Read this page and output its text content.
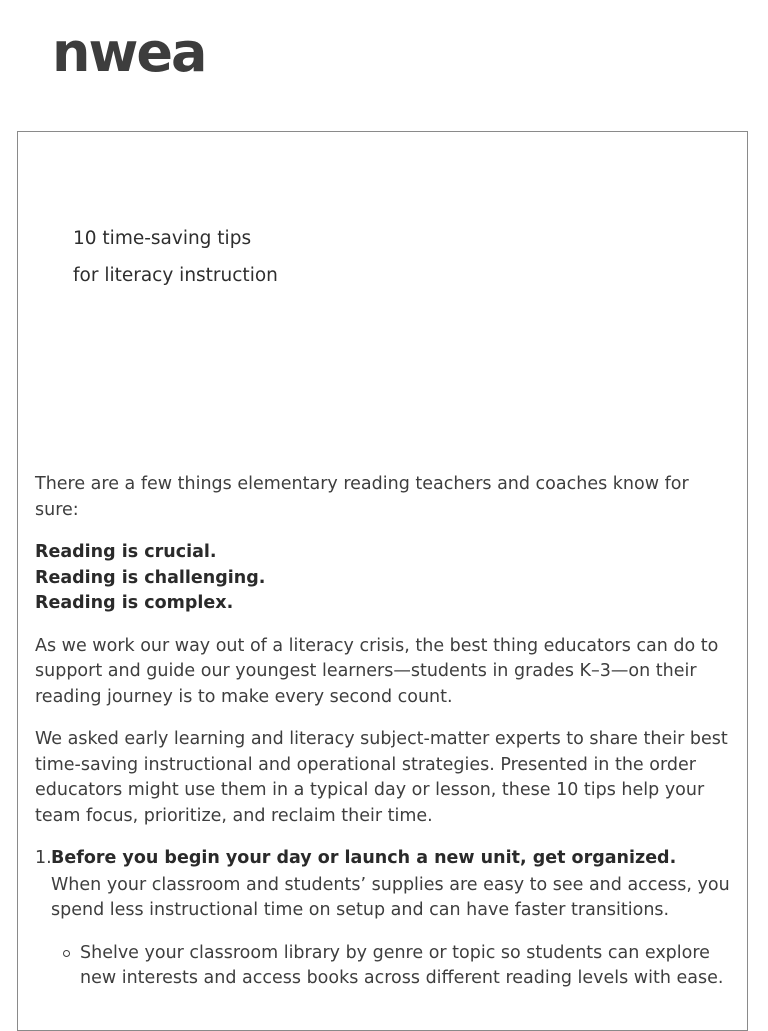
nwea
10 time-saving tips
for literacy instruction

There are a few things elementary reading teachers and coaches know for sure:

Reading is crucial.
Reading is challenging.
Reading is complex.

As we work our way out of a literacy crisis, the best thing educators can do to support and guide our youngest learners—students in grades K–3—on their reading journey is to make every second count.

We asked early learning and literacy subject-matter experts to share their best time-saving instructional and operational strategies. Presented in the order educators might use them in a typical day or lesson, these 10 tips help your team focus, prioritize, and reclaim their time.

1. Before you begin your day or launch a new unit, get organized.
When your classroom and students’ supplies are easy to see and access, you spend less instructional time on setup and can have faster transitions.
Shelve your classroom library by genre or topic so students can explore new interests and access books across different reading levels with ease.
